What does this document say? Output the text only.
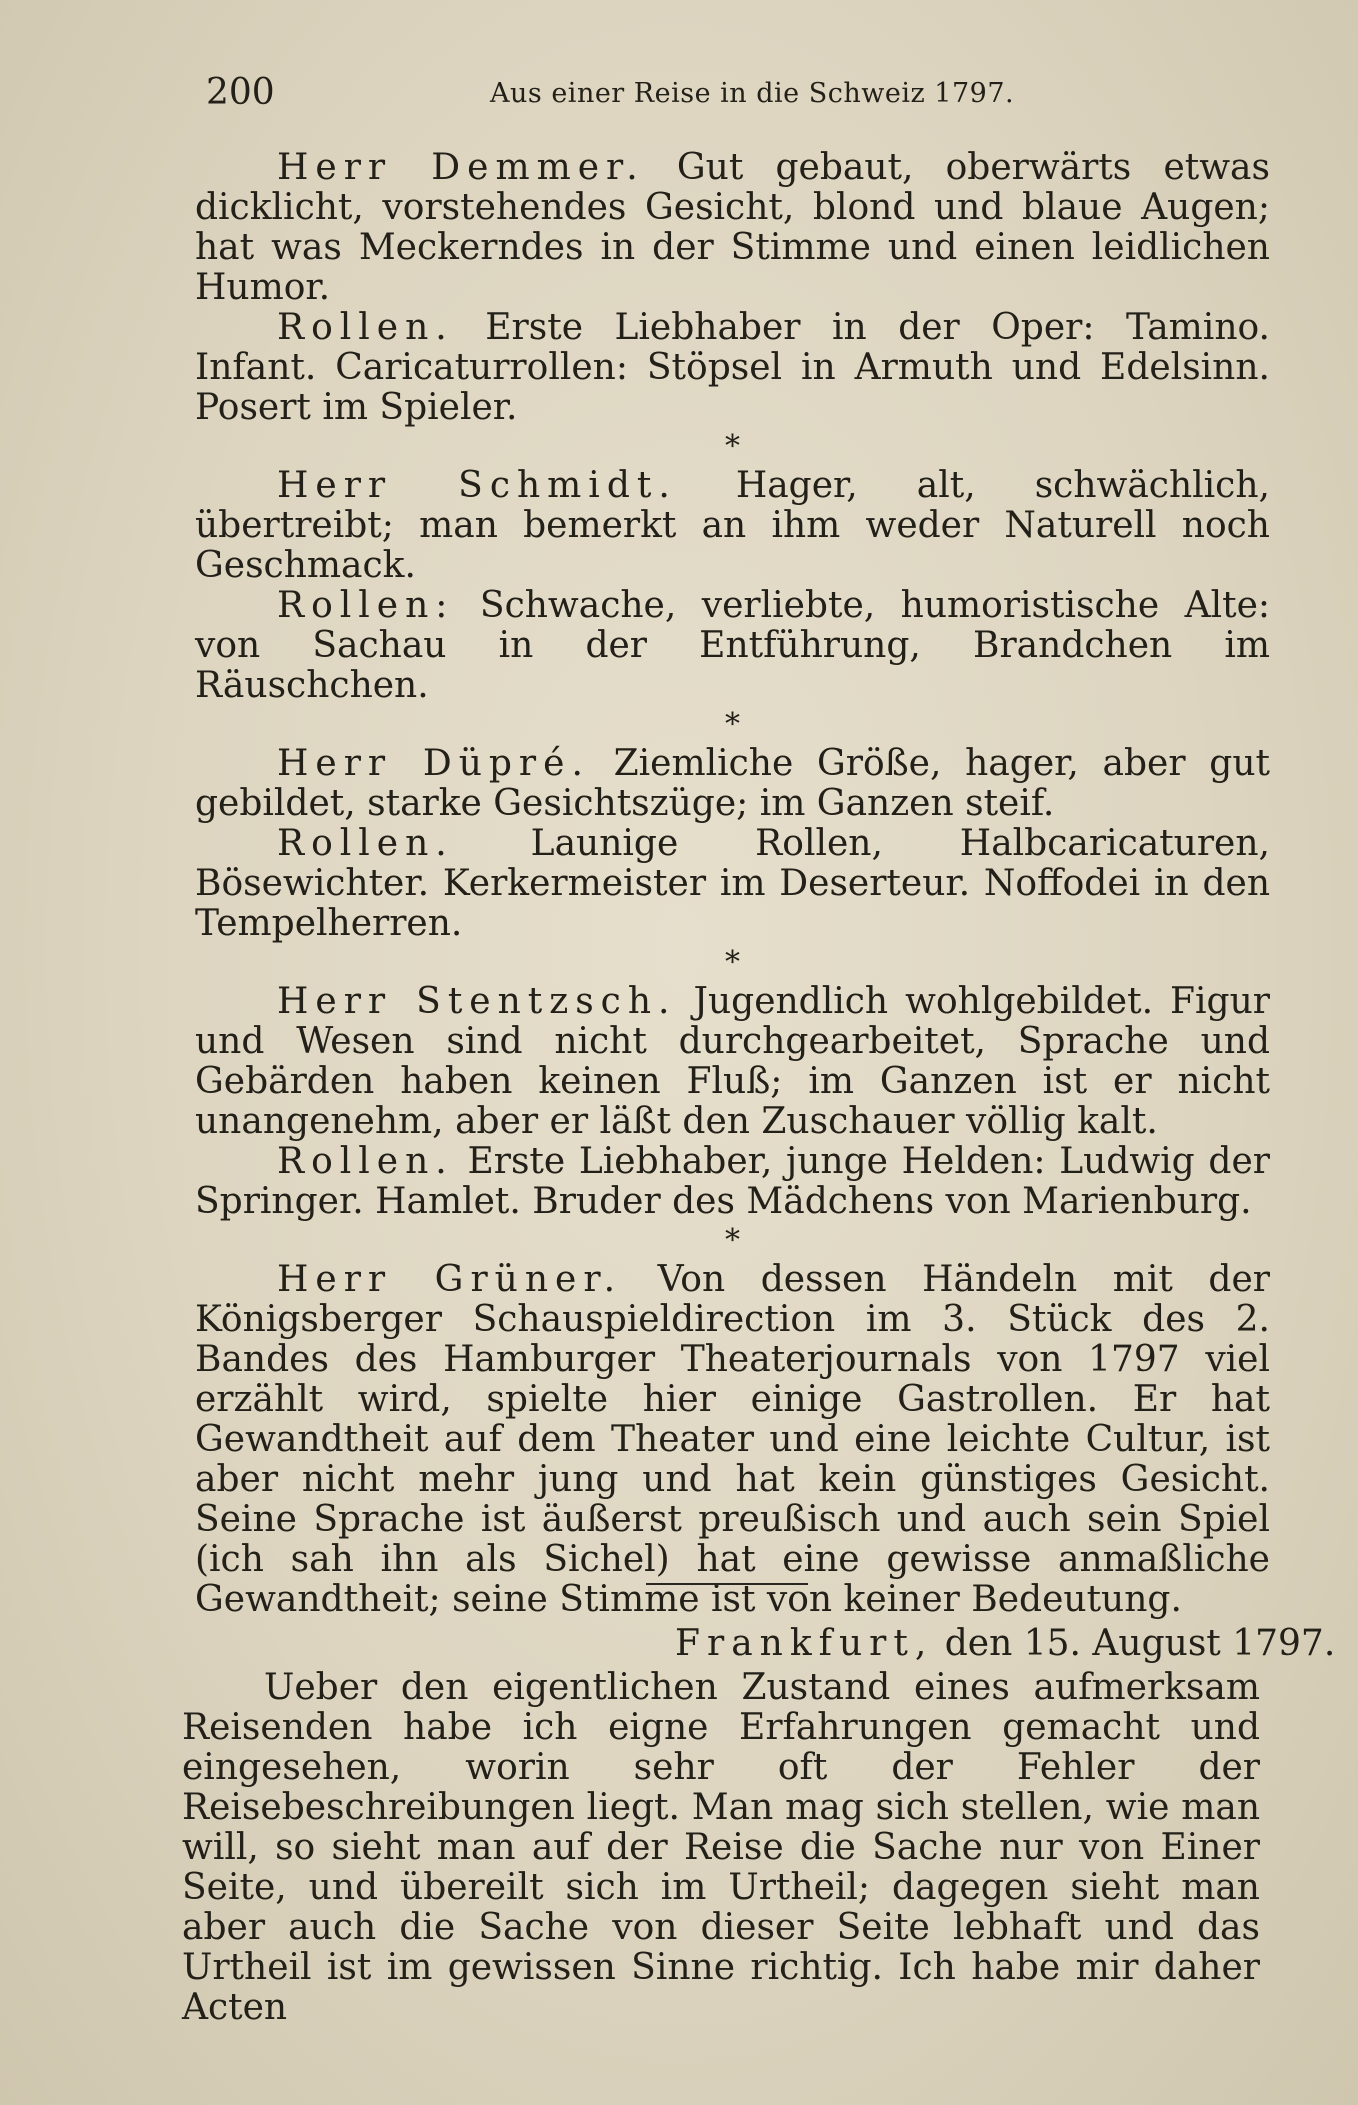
200	Aus einer Reise in die Schweiz 1797.

Herr Demmer. Gut gebaut, oberwärts etwas dicklicht, vorstehendes Gesicht, blond und blaue Augen; hat was Meckerndes in der Stimme und einen leidlichen Humor.

Rollen. Erste Liebhaber in der Oper: Tamino. Infant. Caricaturrollen: Stöpsel in Armuth und Edelsinn. Posert im Spieler.

*

Herr Schmidt. Hager, alt, schwächlich, übertreibt; man bemerkt an ihm weder Naturell noch Geschmack.

Rollen: Schwache, verliebte, humoristische Alte: von Sachau in der Entführung, Brandchen im Räuschchen.

*

Herr Düpré. Ziemliche Größe, hager, aber gut gebildet, starke Gesichtszüge; im Ganzen steif.

Rollen. Launige Rollen, Halbcaricaturen, Bösewichter. Kerkermeister im Deserteur. Noffodei in den Tempelherren.

*

Herr Stentzsch. Jugendlich wohlgebildet. Figur und Wesen sind nicht durchgearbeitet, Sprache und Gebärden haben keinen Fluß; im Ganzen ist er nicht unangenehm, aber er läßt den Zuschauer völlig kalt.

Rollen. Erste Liebhaber, junge Helden: Ludwig der Springer. Hamlet. Bruder des Mädchens von Marienburg.

*

Herr Grüner. Von dessen Händeln mit der Königsberger Schauspieldirection im 3. Stück des 2. Bandes des Hamburger Theaterjournals von 1797 viel erzählt wird, spielte hier einige Gastrollen. Er hat Gewandtheit auf dem Theater und eine leichte Cultur, ist aber nicht mehr jung und hat kein günstiges Gesicht. Seine Sprache ist äußerst preußisch und auch sein Spiel (ich sah ihn als Sichel) hat eine gewisse anmaßliche Gewandtheit; seine Stimme ist von keiner Bedeutung.

Frankfurt, den 15. August 1797.

Ueber den eigentlichen Zustand eines aufmerksam Reisenden habe ich eigne Erfahrungen gemacht und eingesehen, worin sehr oft der Fehler der Reisebeschreibungen liegt. Man mag sich stellen, wie man will, so sieht man auf der Reise die Sache nur von Einer Seite, und übereilt sich im Urtheil; dagegen sieht man aber auch die Sache von dieser Seite lebhaft und das Urtheil ist im gewissen Sinne richtig. Ich habe mir daher Acten
